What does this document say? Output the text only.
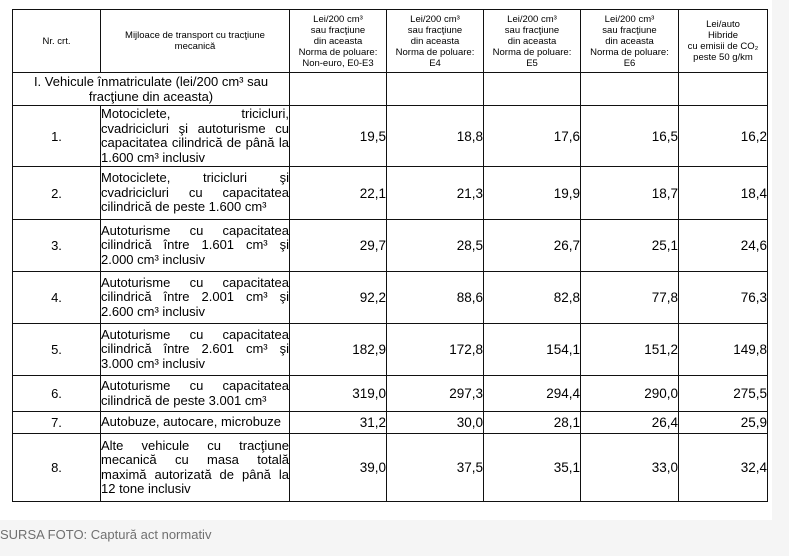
Nr. crt.	Mijloace de transport cu tracţiune mecanică	Lei/200 cm³
sau fracţiune
din aceasta
Norma de poluare:
Non-euro, E0-E3	Lei/200 cm³
sau fracţiune
din aceasta
Norma de poluare:
E4	Lei/200 cm³
sau fracţiune
din aceasta
Norma de poluare:
E5	Lei/200 cm³
sau fracţiune
din aceasta
Norma de poluare:
E6	Lei/auto
Hibride
cu emisii de CO₂
peste 50 g/km

I. Vehicule înmatriculate (lei/200 cm³ sau fracţiune din aceasta)						
1.	Motociclete, tricicluri, cvadricicluri şi autoturisme cu capacitatea cilindrică de până la 1.600 cm³ inclusiv	19,5	18,8	17,6	16,5	16,2
2.	Motociclete, tricicluri şi cvadricicluri cu capacitatea cilindrică de peste 1.600 cm³	22,1	21,3	19,9	18,7	18,4
3.	Autoturisme cu capacitatea cilindrică între 1.601 cm³ şi 2.000 cm³ inclusiv	29,7	28,5	26,7	25,1	24,6
4.	Autoturisme cu capacitatea cilindrică între 2.001 cm³ şi 2.600 cm³ inclusiv	92,2	88,6	82,8	77,8	76,3
5.	Autoturisme cu capacitatea cilindrică între 2.601 cm³ şi 3.000 cm³ inclusiv	182,9	172,8	154,1	151,2	149,8
6.	Autoturisme cu capacitatea cilindrică de peste 3.001 cm³	319,0	297,3	294,4	290,0	275,5
7.	Autobuze, autocare, microbuze	31,2	30,0	28,1	26,4	25,9
8.	Alte vehicule cu tracţiune mecanică cu masa totală maximă autorizată de până la 12 tone inclusiv	39,0	37,5	35,1	33,0	32,4
SURSA FOTO: Captură act normativ
